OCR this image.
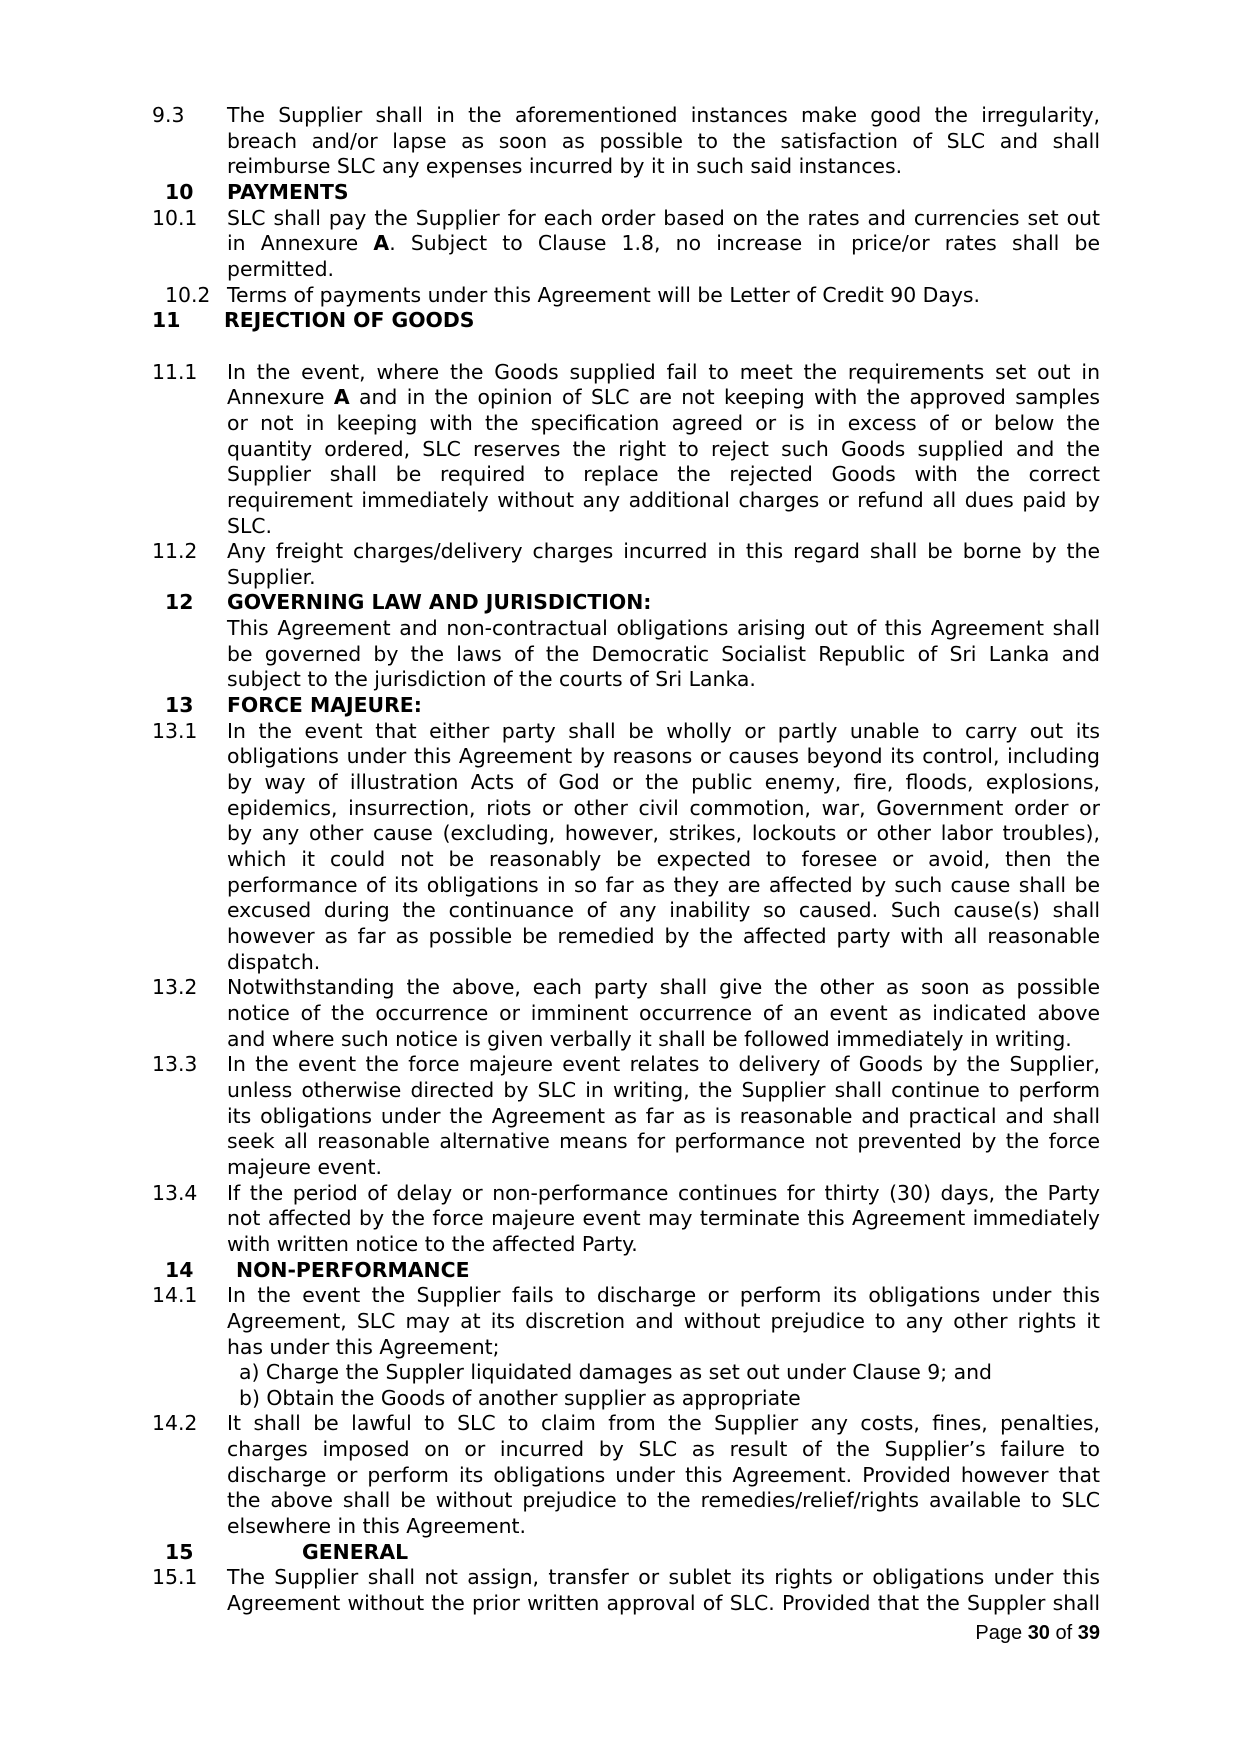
9.3 The Supplier shall in the aforementioned instances make good the irregularity,
breach and/or lapse as soon as possible to the satisfaction of SLC and shall
reimburse SLC any expenses incurred by it in such said instances.
10 PAYMENTS
10.1 SLC shall pay the Supplier for each order based on the rates and currencies set out
in Annexure A. Subject to Clause 1.8, no increase in price/or rates shall be
permitted.
10.2 Terms of payments under this Agreement will be Letter of Credit 90 Days.
11 REJECTION OF GOODS
11.1 In the event, where the Goods supplied fail to meet the requirements set out in
Annexure A and in the opinion of SLC are not keeping with the approved samples
or not in keeping with the specification agreed or is in excess of or below the
quantity ordered, SLC reserves the right to reject such Goods supplied and the
Supplier shall be required to replace the rejected Goods with the correct
requirement immediately without any additional charges or refund all dues paid by
SLC.
11.2 Any freight charges/delivery charges incurred in this regard shall be borne by the
Supplier.
12 GOVERNING LAW AND JURISDICTION:
This Agreement and non-contractual obligations arising out of this Agreement shall
be governed by the laws of the Democratic Socialist Republic of Sri Lanka and
subject to the jurisdiction of the courts of Sri Lanka.
13 FORCE MAJEURE:
13.1 In the event that either party shall be wholly or partly unable to carry out its
obligations under this Agreement by reasons or causes beyond its control, including
by way of illustration Acts of God or the public enemy, fire, floods, explosions,
epidemics, insurrection, riots or other civil commotion, war, Government order or
by any other cause (excluding, however, strikes, lockouts or other labor troubles),
which it could not be reasonably be expected to foresee or avoid, then the
performance of its obligations in so far as they are affected by such cause shall be
excused during the continuance of any inability so caused. Such cause(s) shall
however as far as possible be remedied by the affected party with all reasonable
dispatch.
13.2 Notwithstanding the above, each party shall give the other as soon as possible
notice of the occurrence or imminent occurrence of an event as indicated above
and where such notice is given verbally it shall be followed immediately in writing.
13.3 In the event the force majeure event relates to delivery of Goods by the Supplier,
unless otherwise directed by SLC in writing, the Supplier shall continue to perform
its obligations under the Agreement as far as is reasonable and practical and shall
seek all reasonable alternative means for performance not prevented by the force
majeure event.
13.4 If the period of delay or non-performance continues for thirty (30) days, the Party
not affected by the force majeure event may terminate this Agreement immediately
with written notice to the affected Party.
14 NON-PERFORMANCE
14.1 In the event the Supplier fails to discharge or perform its obligations under this
Agreement, SLC may at its discretion and without prejudice to any other rights it
has under this Agreement;
a) Charge the Suppler liquidated damages as set out under Clause 9; and
b) Obtain the Goods of another supplier as appropriate
14.2 It shall be lawful to SLC to claim from the Supplier any costs, fines, penalties,
charges imposed on or incurred by SLC as result of the Supplier’s failure to
discharge or perform its obligations under this Agreement. Provided however that
the above shall be without prejudice to the remedies/relief/rights available to SLC
elsewhere in this Agreement.
15	GENERAL
15.1 The Supplier shall not assign, transfer or sublet its rights or obligations under this
Agreement without the prior written approval of SLC. Provided that the Suppler shall
Page 30 of 39
